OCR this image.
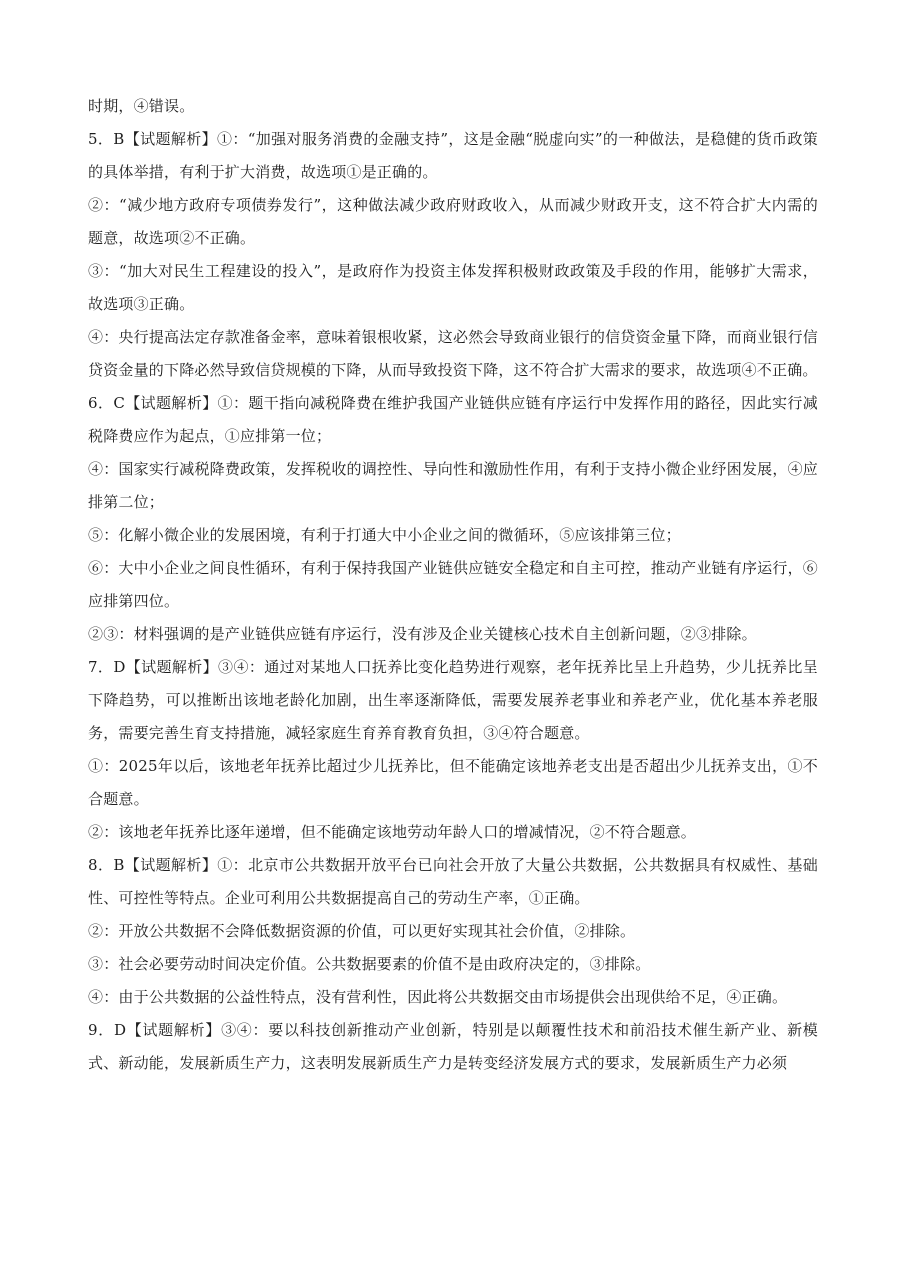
时期，④错误。

5．B【试题解析】①：“加强对服务消费的金融支持”，这是金融“脱虚向实”的一种做法，是稳健的货币政策的具体举措，有利于扩大消费，故选项①是正确的。

②：“减少地方政府专项债券发行”，这种做法减少政府财政收入，从而减少财政开支，这不符合扩大内需的题意，故选项②不正确。

③：“加大对民生工程建设的投入”，是政府作为投资主体发挥积极财政政策及手段的作用，能够扩大需求，故选项③正确。

④：央行提高法定存款准备金率，意味着银根收紧，这必然会导致商业银行的信贷资金量下降，而商业银行信贷资金量的下降必然导致信贷规模的下降，从而导致投资下降，这不符合扩大需求的要求，故选项④不正确。

6．C【试题解析】①：题干指向减税降费在维护我国产业链供应链有序运行中发挥作用的路径，因此实行减税降费应作为起点，①应排第一位；

④：国家实行减税降费政策，发挥税收的调控性、导向性和激励性作用，有利于支持小微企业纾困发展，④应排第二位；

⑤：化解小微企业的发展困境，有利于打通大中小企业之间的微循环，⑤应该排第三位；

⑥：大中小企业之间良性循环，有利于保持我国产业链供应链安全稳定和自主可控，推动产业链有序运行，⑥应排第四位。

②③：材料强调的是产业链供应链有序运行，没有涉及企业关键核心技术自主创新问题，②③排除。

7．D【试题解析】③④：通过对某地人口抚养比变化趋势进行观察，老年抚养比呈上升趋势，少儿抚养比呈下降趋势，可以推断出该地老龄化加剧，出生率逐渐降低，需要发展养老事业和养老产业，优化基本养老服务，需要完善生育支持措施，减轻家庭生育养育教育负担，③④符合题意。

①：2025年以后，该地老年抚养比超过少儿抚养比，但不能确定该地养老支出是否超出少儿抚养支出，①不合题意。

②：该地老年抚养比逐年递增，但不能确定该地劳动年龄人口的增减情况，②不符合题意。

8．B【试题解析】①：北京市公共数据开放平台已向社会开放了大量公共数据，公共数据具有权威性、基础性、可控性等特点。企业可利用公共数据提高自己的劳动生产率，①正确。

②：开放公共数据不会降低数据资源的价值，可以更好实现其社会价值，②排除。

③：社会必要劳动时间决定价值。公共数据要素的价值不是由政府决定的，③排除。

④：由于公共数据的公益性特点，没有营利性，因此将公共数据交由市场提供会出现供给不足，④正确。

9．D【试题解析】③④：要以科技创新推动产业创新，特别是以颠覆性技术和前沿技术催生新产业、新模式、新动能，发展新质生产力，这表明发展新质生产力是转变经济发展方式的要求，发展新质生产力必须
